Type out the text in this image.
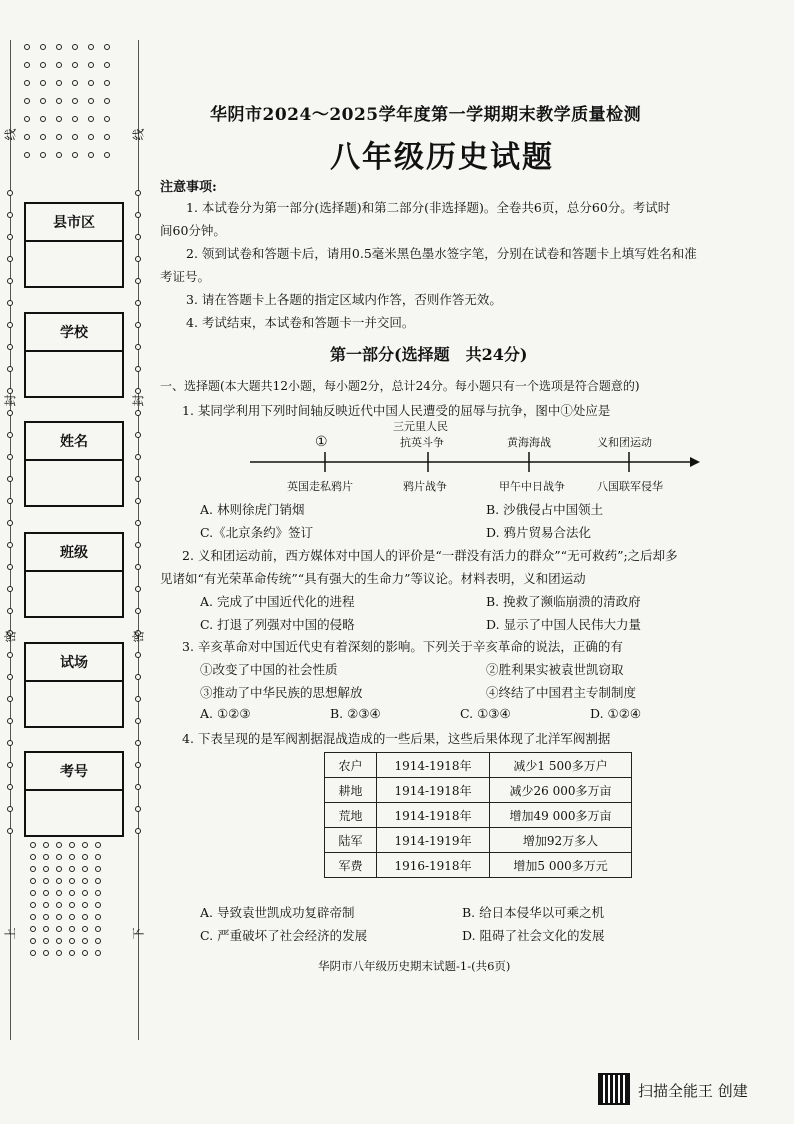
线
封
密
上
线
封
密
下
县市区
学校
姓名
班级
试场
考号
华阴市2024～2025学年度第一学期期末教学质量检测
八年级历史试题
注意事项:
1. 本试卷分为第一部分(选择题)和第二部分(非选择题)。全卷共6页，总分60分。考试时
间60分钟。
2. 领到试卷和答题卡后，请用0.5毫米黑色墨水签字笔，分别在试卷和答题卡上填写姓名和准
考证号。
3. 请在答题卡上各题的指定区域内作答，否则作答无效。
4. 考试结束，本试卷和答题卡一并交回。
第一部分(选择题　共24分)
一、选择题(本大题共12小题，每小题2分，总计24分。每小题只有一个选项是符合题意的)
1. 某同学利用下列时间轴反映近代中国人民遭受的屈辱与抗争，图中①处应是
①
三元里人民
抗英斗争	黄海海战	义和团运动
英国走私鸦片	鸦片战争	甲午中日战争	八国联军侵华
A. 林则徐虎门销烟	B. 沙俄侵占中国领土
C.《北京条约》签订	D. 鸦片贸易合法化
2. 义和团运动前，西方媒体对中国人的评价是“一群没有活力的群众”“无可救药”;之后却多
见诸如“有光荣革命传统”“具有强大的生命力”等议论。材料表明，义和团运动
A. 完成了中国近代化的进程	B. 挽救了濒临崩溃的清政府
C. 打退了列强对中国的侵略	D. 显示了中国人民伟大力量
3. 辛亥革命对中国近代史有着深刻的影响。下列关于辛亥革命的说法，正确的有
①改变了中国的社会性质	②胜利果实被袁世凯窃取
③推动了中华民族的思想解放	④终结了中国君主专制制度
A. ①②③	B. ②③④	C. ①③④	D. ①②④
4. 下表呈现的是军阀割据混战造成的一些后果，这些后果体现了北洋军阀割据
农户	1914-1918年	减少1 500多万户
耕地	1914-1918年	减少26 000多万亩
荒地	1914-1918年	增加49 000多万亩
陆军	1914-1919年	增加92万多人
军费	1916-1918年	增加5 000多万元
A. 导致袁世凯成功复辟帝制	B. 给日本侵华以可乘之机
C. 严重破坏了社会经济的发展	D. 阻碍了社会文化的发展
华阴市八年级历史期末试题-1-(共6页)
扫描全能王 创建
